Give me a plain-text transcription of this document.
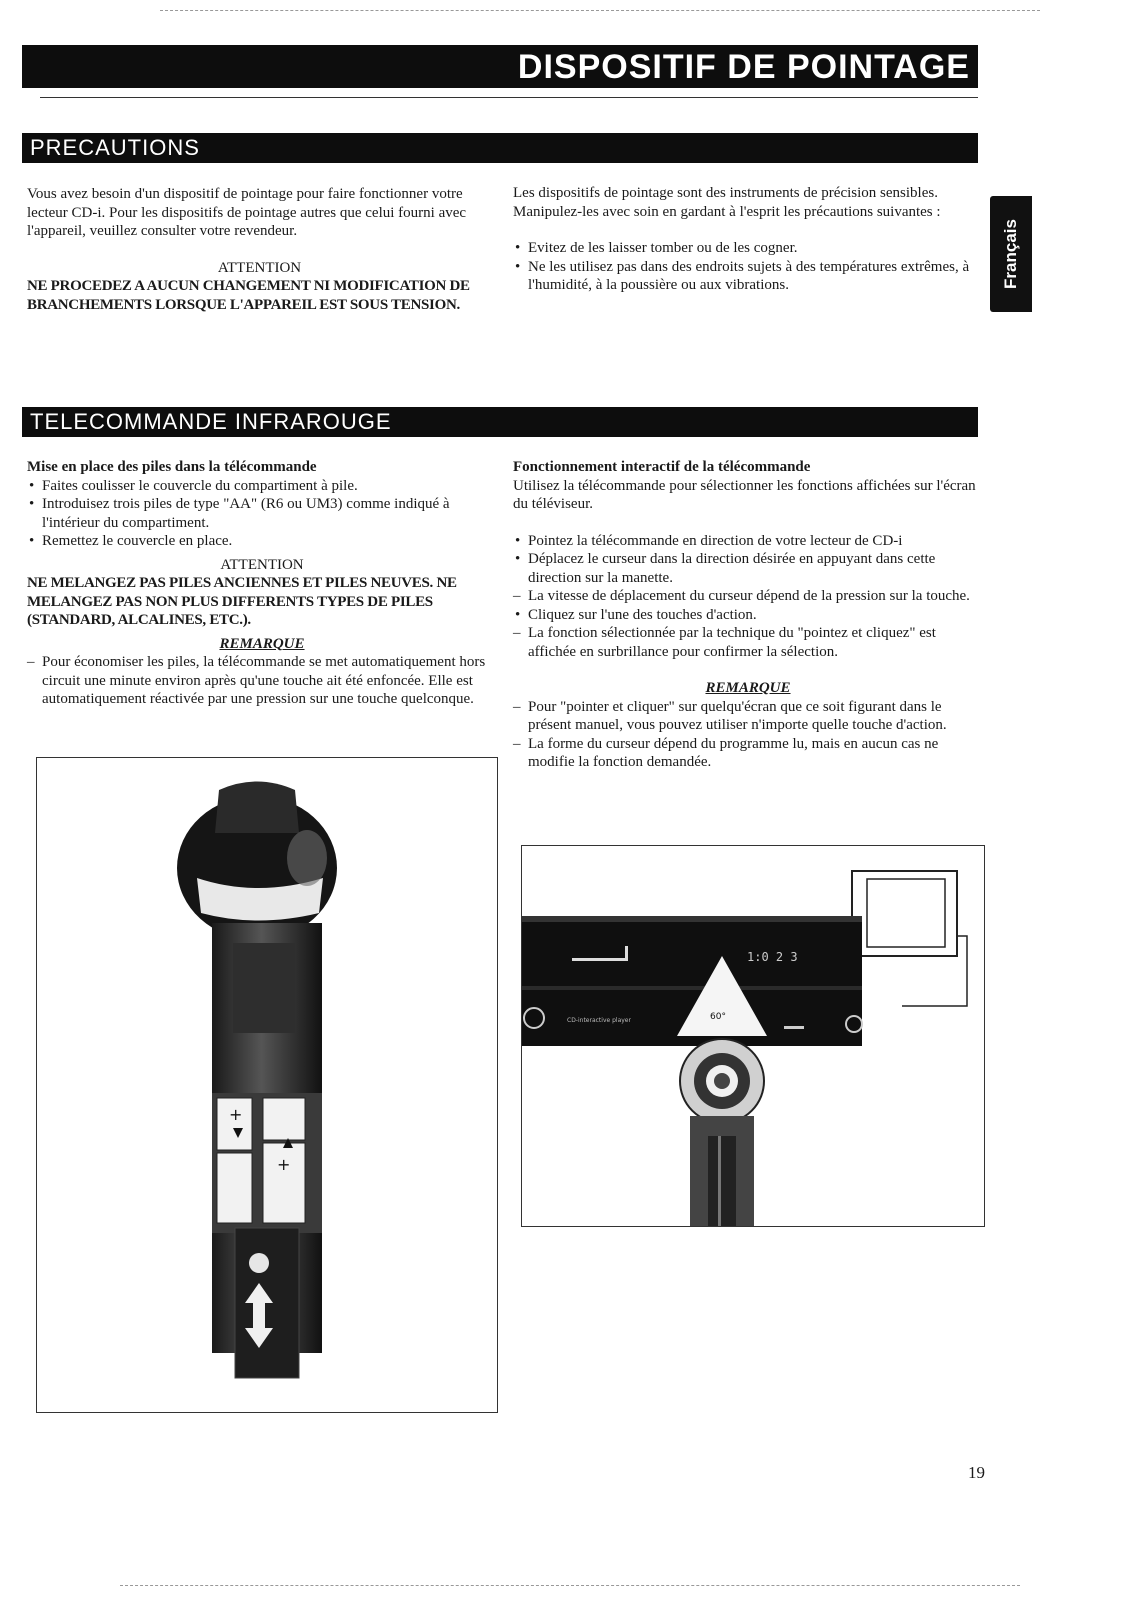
DISPOSITIF DE POINTAGE
Français
PRECAUTIONS

Vous avez besoin d'un dispositif de pointage pour faire fonctionner votre lecteur CD-i. Pour les dispositifs de pointage autres que celui fourni avec l'appareil, veuillez consulter votre revendeur.

ATTENTION

NE PROCEDEZ A AUCUN CHANGEMENT NI MODIFICATION DE BRANCHEMENTS LORSQUE L'APPAREIL EST SOUS TENSION.

Les dispositifs de pointage sont des instruments de précision sensibles. Manipulez-les avec soin en gardant à l'esprit les précautions suivantes :

• Evitez de les laisser tomber ou de les cogner.
• Ne les utilisez pas dans des endroits sujets à des températures extrêmes, à l'humidité, à la poussière ou aux vibrations.
TELECOMMANDE INFRAROUGE

Mise en place des piles dans la télécommande

• Faites coulisser le couvercle du compartiment à pile.
• Introduisez trois piles de type "AA" (R6 ou UM3) comme indiqué à l'intérieur du compartiment.
• Remettez le couvercle en place.

ATTENTION

NE MELANGEZ PAS PILES ANCIENNES ET PILES NEUVES. NE MELANGEZ PAS NON PLUS DIFFERENTS TYPES DE PILES (STANDARD, ALCALINES, ETC.).

REMARQUE

– Pour économiser les piles, la télécommande se met automatiquement hors circuit une minute environ après qu'une touche ait été enfoncée. Elle est automatiquement réactivée par une pression sur une touche quelconque.

Fonctionnement interactif de la télécommande

Utilisez la télécommande pour sélectionner les fonctions affichées sur l'écran du téléviseur.

• Pointez la télécommande en direction de votre lecteur de CD-i
• Déplacez le curseur dans la direction désirée en appuyant dans cette direction sur la manette.
– La vitesse de déplacement du curseur dépend de la pression sur la touche.
• Cliquez sur l'une des touches d'action.
– La fonction sélectionnée par la technique du "pointez et cliquez" est affichée en surbrillance pour confirmer la sélection.

REMARQUE

– Pour "pointer et cliquer" sur quelqu'écran que ce soit figurant dans le présent manuel, vous pouvez utiliser n'importe quelle touche d'action.
– La forme du curseur dépend du programme lu, mais en aucun cas ne modifie la fonction demandée.
+
+
1:0 2 3
CD-interactive player	60°
19
